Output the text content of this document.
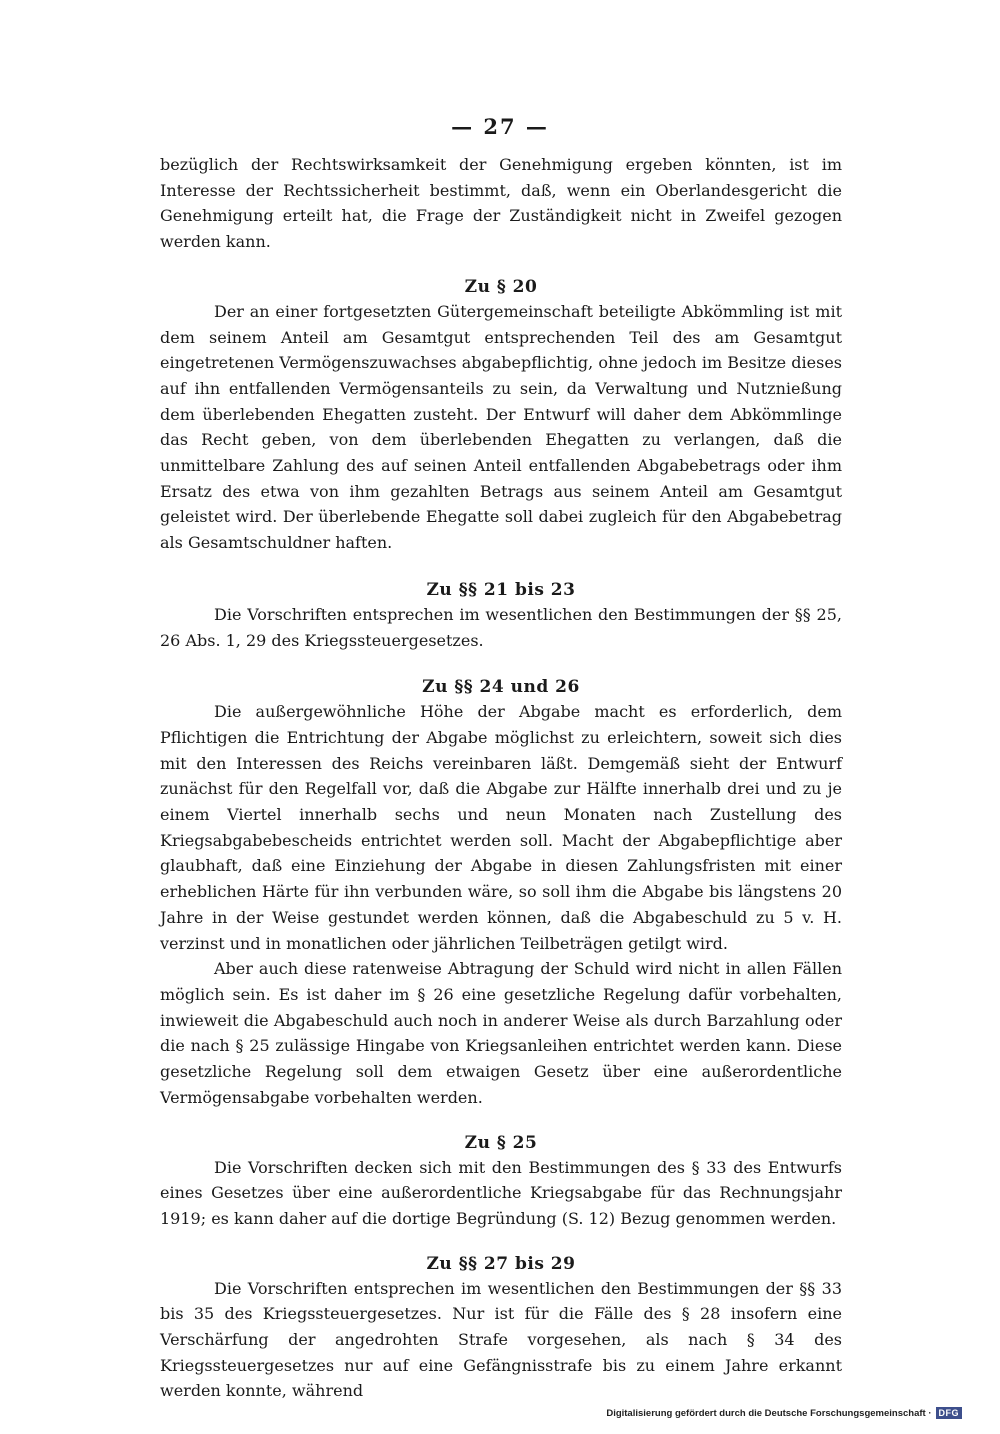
— 27 —

bezüglich der Rechtswirksamkeit der Genehmigung ergeben könnten, ist im Interesse der Rechtssicherheit bestimmt, daß, wenn ein Oberlandesgericht die Genehmigung erteilt hat, die Frage der Zuständigkeit nicht in Zweifel gezogen werden kann.

Zu § 20

Der an einer fortgesetzten Gütergemeinschaft beteiligte Abkömmling ist mit dem seinem Anteil am Gesamtgut entsprechenden Teil des am Gesamtgut eingetretenen Vermögenszuwachses abgabepflichtig, ohne jedoch im Besitze dieses auf ihn entfallenden Vermögensanteils zu sein, da Verwaltung und Nutznießung dem überlebenden Ehegatten zusteht. Der Entwurf will daher dem Abkömmlinge das Recht geben, von dem überlebenden Ehegatten zu verlangen, daß die unmittelbare Zahlung des auf seinen Anteil entfallenden Abgabebetrags oder ihm Ersatz des etwa von ihm gezahlten Betrags aus seinem Anteil am Gesamtgut geleistet wird. Der überlebende Ehegatte soll dabei zugleich für den Abgabebetrag als Gesamtschuldner haften.

Zu §§ 21 bis 23

Die Vorschriften entsprechen im wesentlichen den Bestimmungen der §§ 25, 26 Abs. 1, 29 des Kriegssteuergesetzes.

Zu §§ 24 und 26

Die außergewöhnliche Höhe der Abgabe macht es erforderlich, dem Pflichtigen die Entrichtung der Abgabe möglichst zu erleichtern, soweit sich dies mit den Interessen des Reichs vereinbaren läßt. Demgemäß sieht der Entwurf zunächst für den Regelfall vor, daß die Abgabe zur Hälfte innerhalb drei und zu je einem Viertel innerhalb sechs und neun Monaten nach Zustellung des Kriegsabgabebescheids entrichtet werden soll. Macht der Abgabepflichtige aber glaubhaft, daß eine Einziehung der Abgabe in diesen Zahlungsfristen mit einer erheblichen Härte für ihn verbunden wäre, so soll ihm die Abgabe bis längstens 20 Jahre in der Weise gestundet werden können, daß die Abgabeschuld zu 5 v. H. verzinst und in monatlichen oder jährlichen Teilbeträgen getilgt wird.

Aber auch diese ratenweise Abtragung der Schuld wird nicht in allen Fällen möglich sein. Es ist daher im § 26 eine gesetzliche Regelung dafür vorbehalten, inwieweit die Abgabeschuld auch noch in anderer Weise als durch Barzahlung oder die nach § 25 zulässige Hingabe von Kriegsanleihen entrichtet werden kann. Diese gesetzliche Regelung soll dem etwaigen Gesetz über eine außerordentliche Vermögensabgabe vorbehalten werden.

Zu § 25

Die Vorschriften decken sich mit den Bestimmungen des § 33 des Entwurfs eines Gesetzes über eine außerordentliche Kriegsabgabe für das Rechnungsjahr 1919; es kann daher auf die dortige Begründung (S. 12) Bezug genommen werden.

Zu §§ 27 bis 29

Die Vorschriften entsprechen im wesentlichen den Bestimmungen der §§ 33 bis 35 des Kriegssteuergesetzes. Nur ist für die Fälle des § 28 insofern eine Verschärfung der angedrohten Strafe vorgesehen, als nach § 34 des Kriegssteuergesetzes nur auf eine Gefängnisstrafe bis zu einem Jahre erkannt werden konnte, während

Digitalisierung gefördert durch die Deutsche Forschungsgemeinschaft · DFG
